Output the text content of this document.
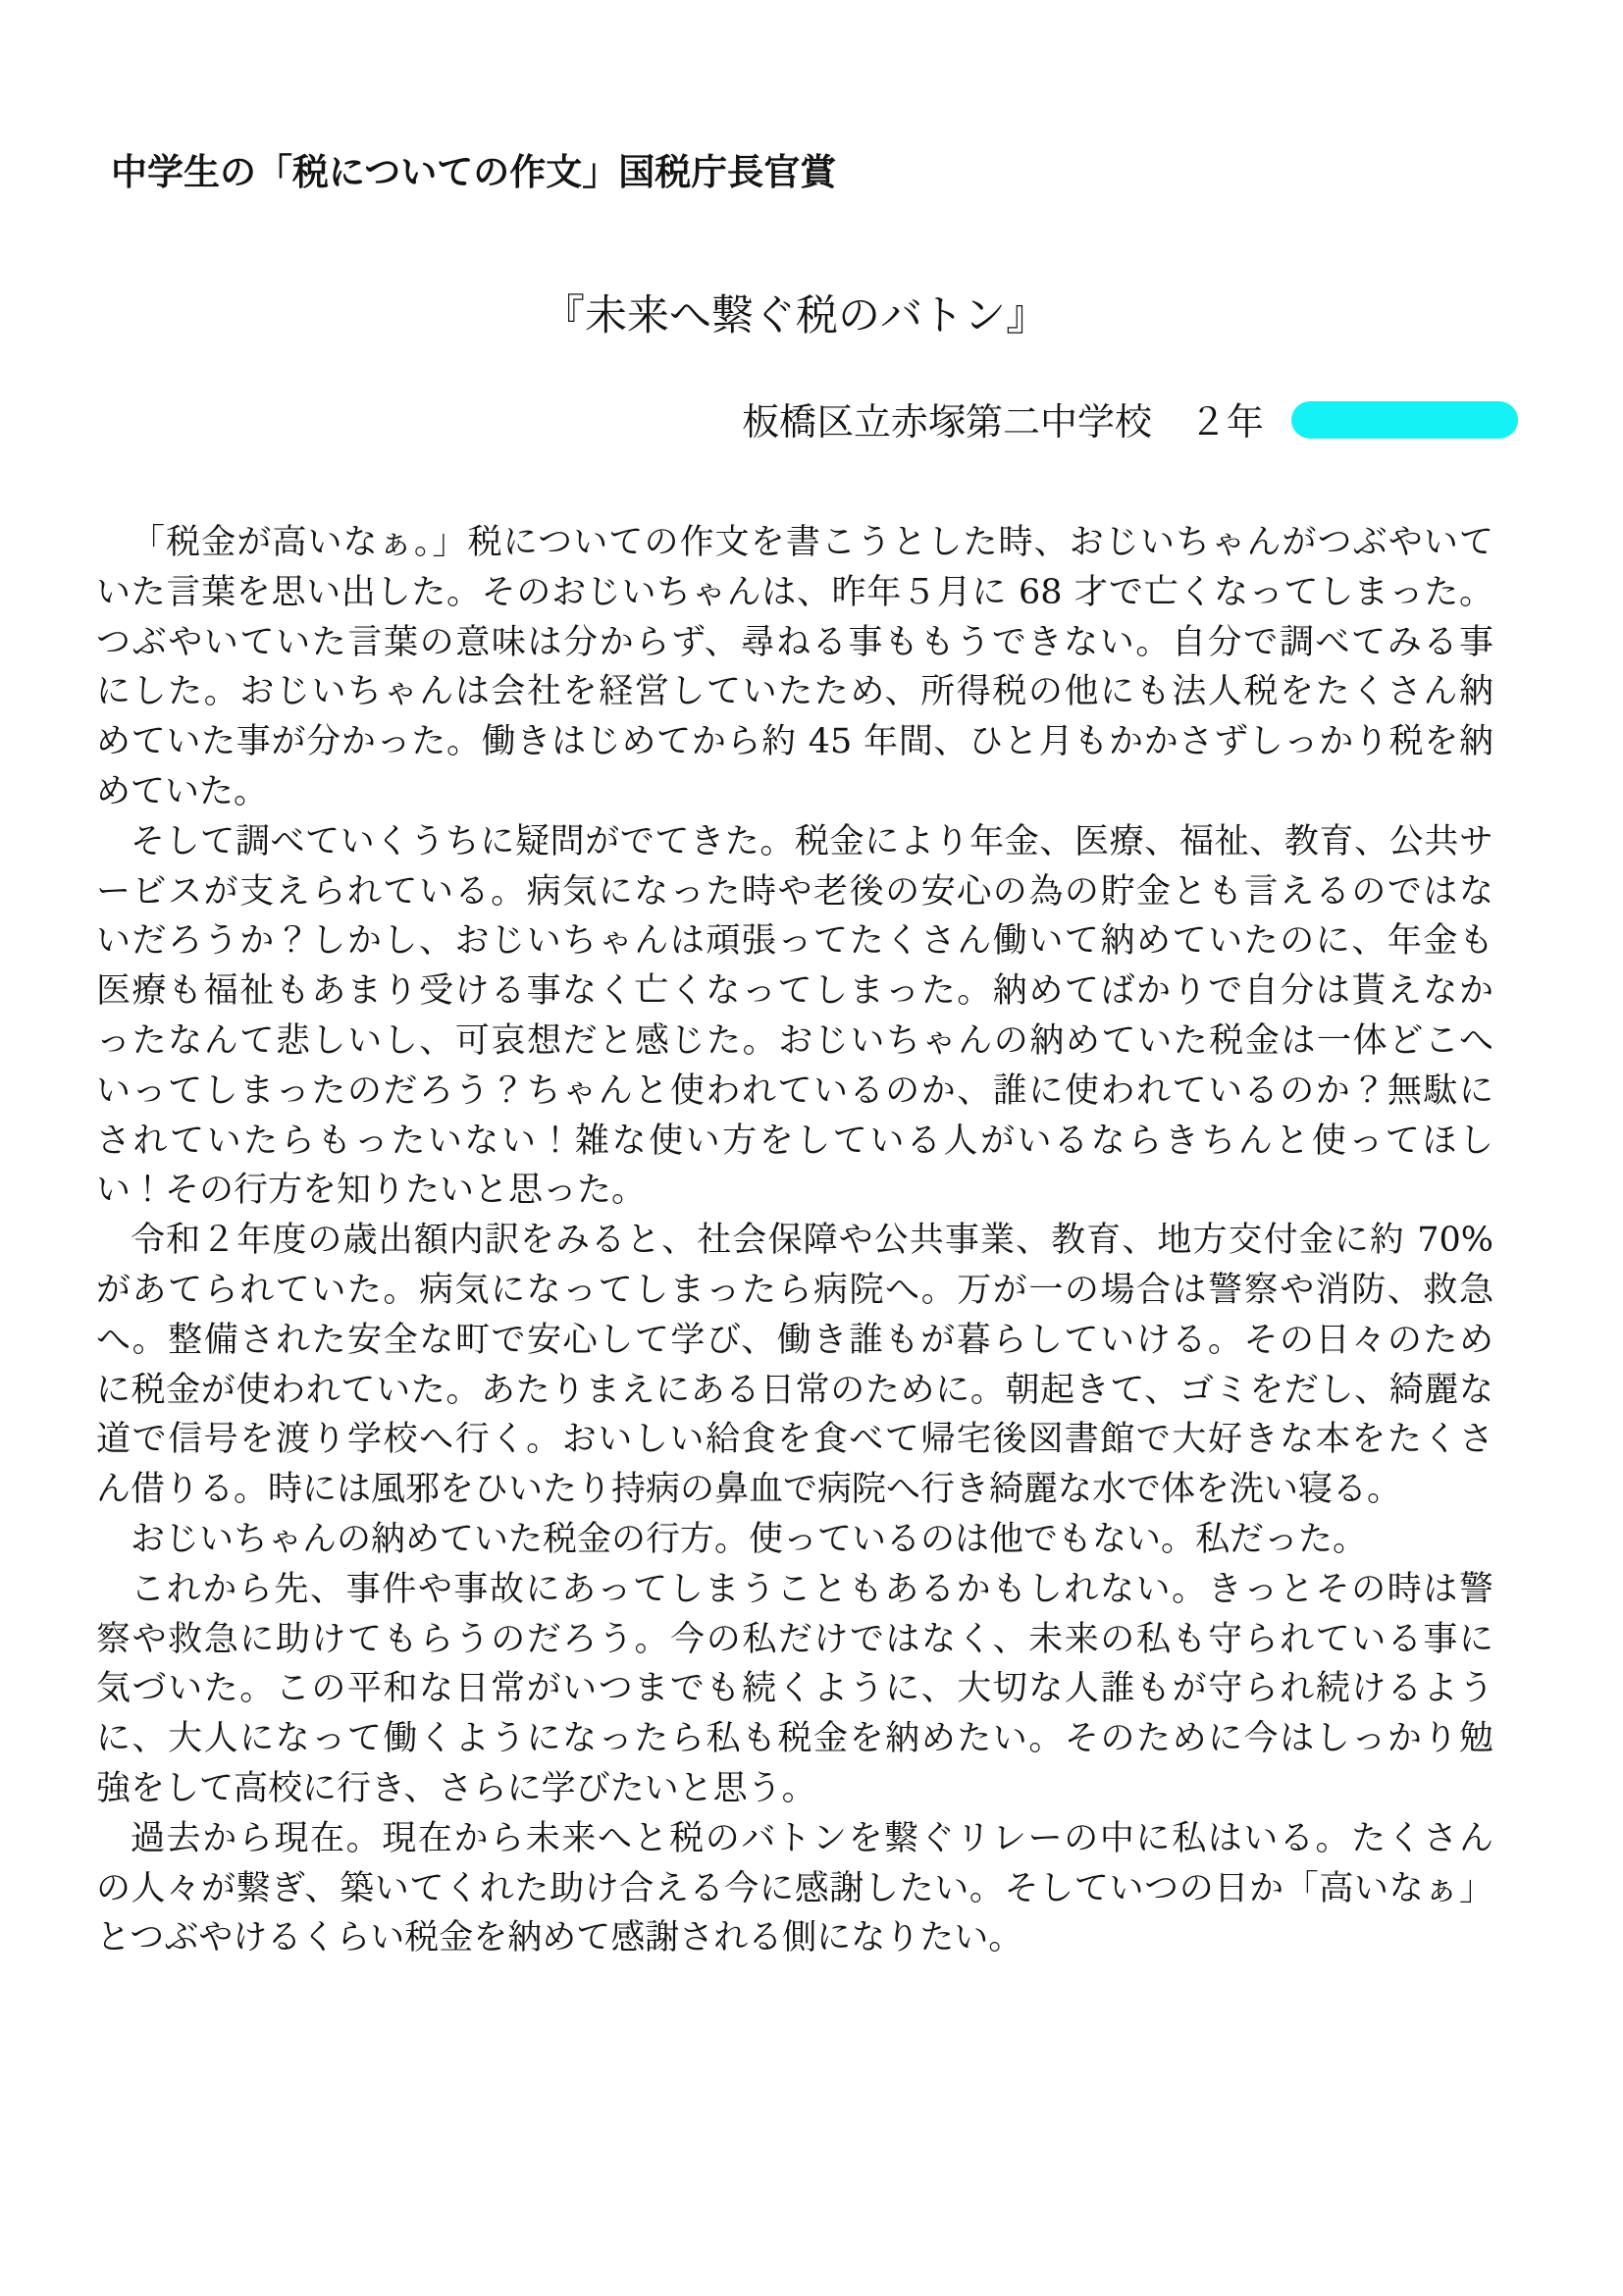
中学生の「税についての作文」国税庁長官賞
『未来へ繋ぐ税のバトン』
板橋区立赤塚第二中学校　２年
「税金が高いなぁ。」税についての作文を書こうとした時、おじいちゃんがつぶやいて
いた言葉を思い出した。そのおじいちゃんは、昨年５月に 68 才で亡くなってしまった。
つぶやいていた言葉の意味は分からず、尋ねる事ももうできない。自分で調べてみる事
にした。おじいちゃんは会社を経営していたため、所得税の他にも法人税をたくさん納
めていた事が分かった。働きはじめてから約 45 年間、ひと月もかかさずしっかり税を納
めていた。
そして調べていくうちに疑問がでてきた。税金により年金、医療、福祉、教育、公共サ
ービスが支えられている。病気になった時や老後の安心の為の貯金とも言えるのではな
いだろうか？しかし、おじいちゃんは頑張ってたくさん働いて納めていたのに、年金も
医療も福祉もあまり受ける事なく亡くなってしまった。納めてばかりで自分は貰えなか
ったなんて悲しいし、可哀想だと感じた。おじいちゃんの納めていた税金は一体どこへ
いってしまったのだろう？ちゃんと使われているのか、誰に使われているのか？無駄に
されていたらもったいない！雑な使い方をしている人がいるならきちんと使ってほし
い！その行方を知りたいと思った。
令和２年度の歳出額内訳をみると、社会保障や公共事業、教育、地方交付金に約 70%
があてられていた。病気になってしまったら病院へ。万が一の場合は警察や消防、救急
へ。整備された安全な町で安心して学び、働き誰もが暮らしていける。その日々のため
に税金が使われていた。あたりまえにある日常のために。朝起きて、ゴミをだし、綺麗な
道で信号を渡り学校へ行く。おいしい給食を食べて帰宅後図書館で大好きな本をたくさ
ん借りる。時には風邪をひいたり持病の鼻血で病院へ行き綺麗な水で体を洗い寝る。
おじいちゃんの納めていた税金の行方。使っているのは他でもない。私だった。
これから先、事件や事故にあってしまうこともあるかもしれない。きっとその時は警
察や救急に助けてもらうのだろう。今の私だけではなく、未来の私も守られている事に
気づいた。この平和な日常がいつまでも続くように、大切な人誰もが守られ続けるよう
に、大人になって働くようになったら私も税金を納めたい。そのために今はしっかり勉
強をして高校に行き、さらに学びたいと思う。
過去から現在。現在から未来へと税のバトンを繋ぐリレーの中に私はいる。たくさん
の人々が繋ぎ、築いてくれた助け合える今に感謝したい。そしていつの日か「高いなぁ」
とつぶやけるくらい税金を納めて感謝される側になりたい。
